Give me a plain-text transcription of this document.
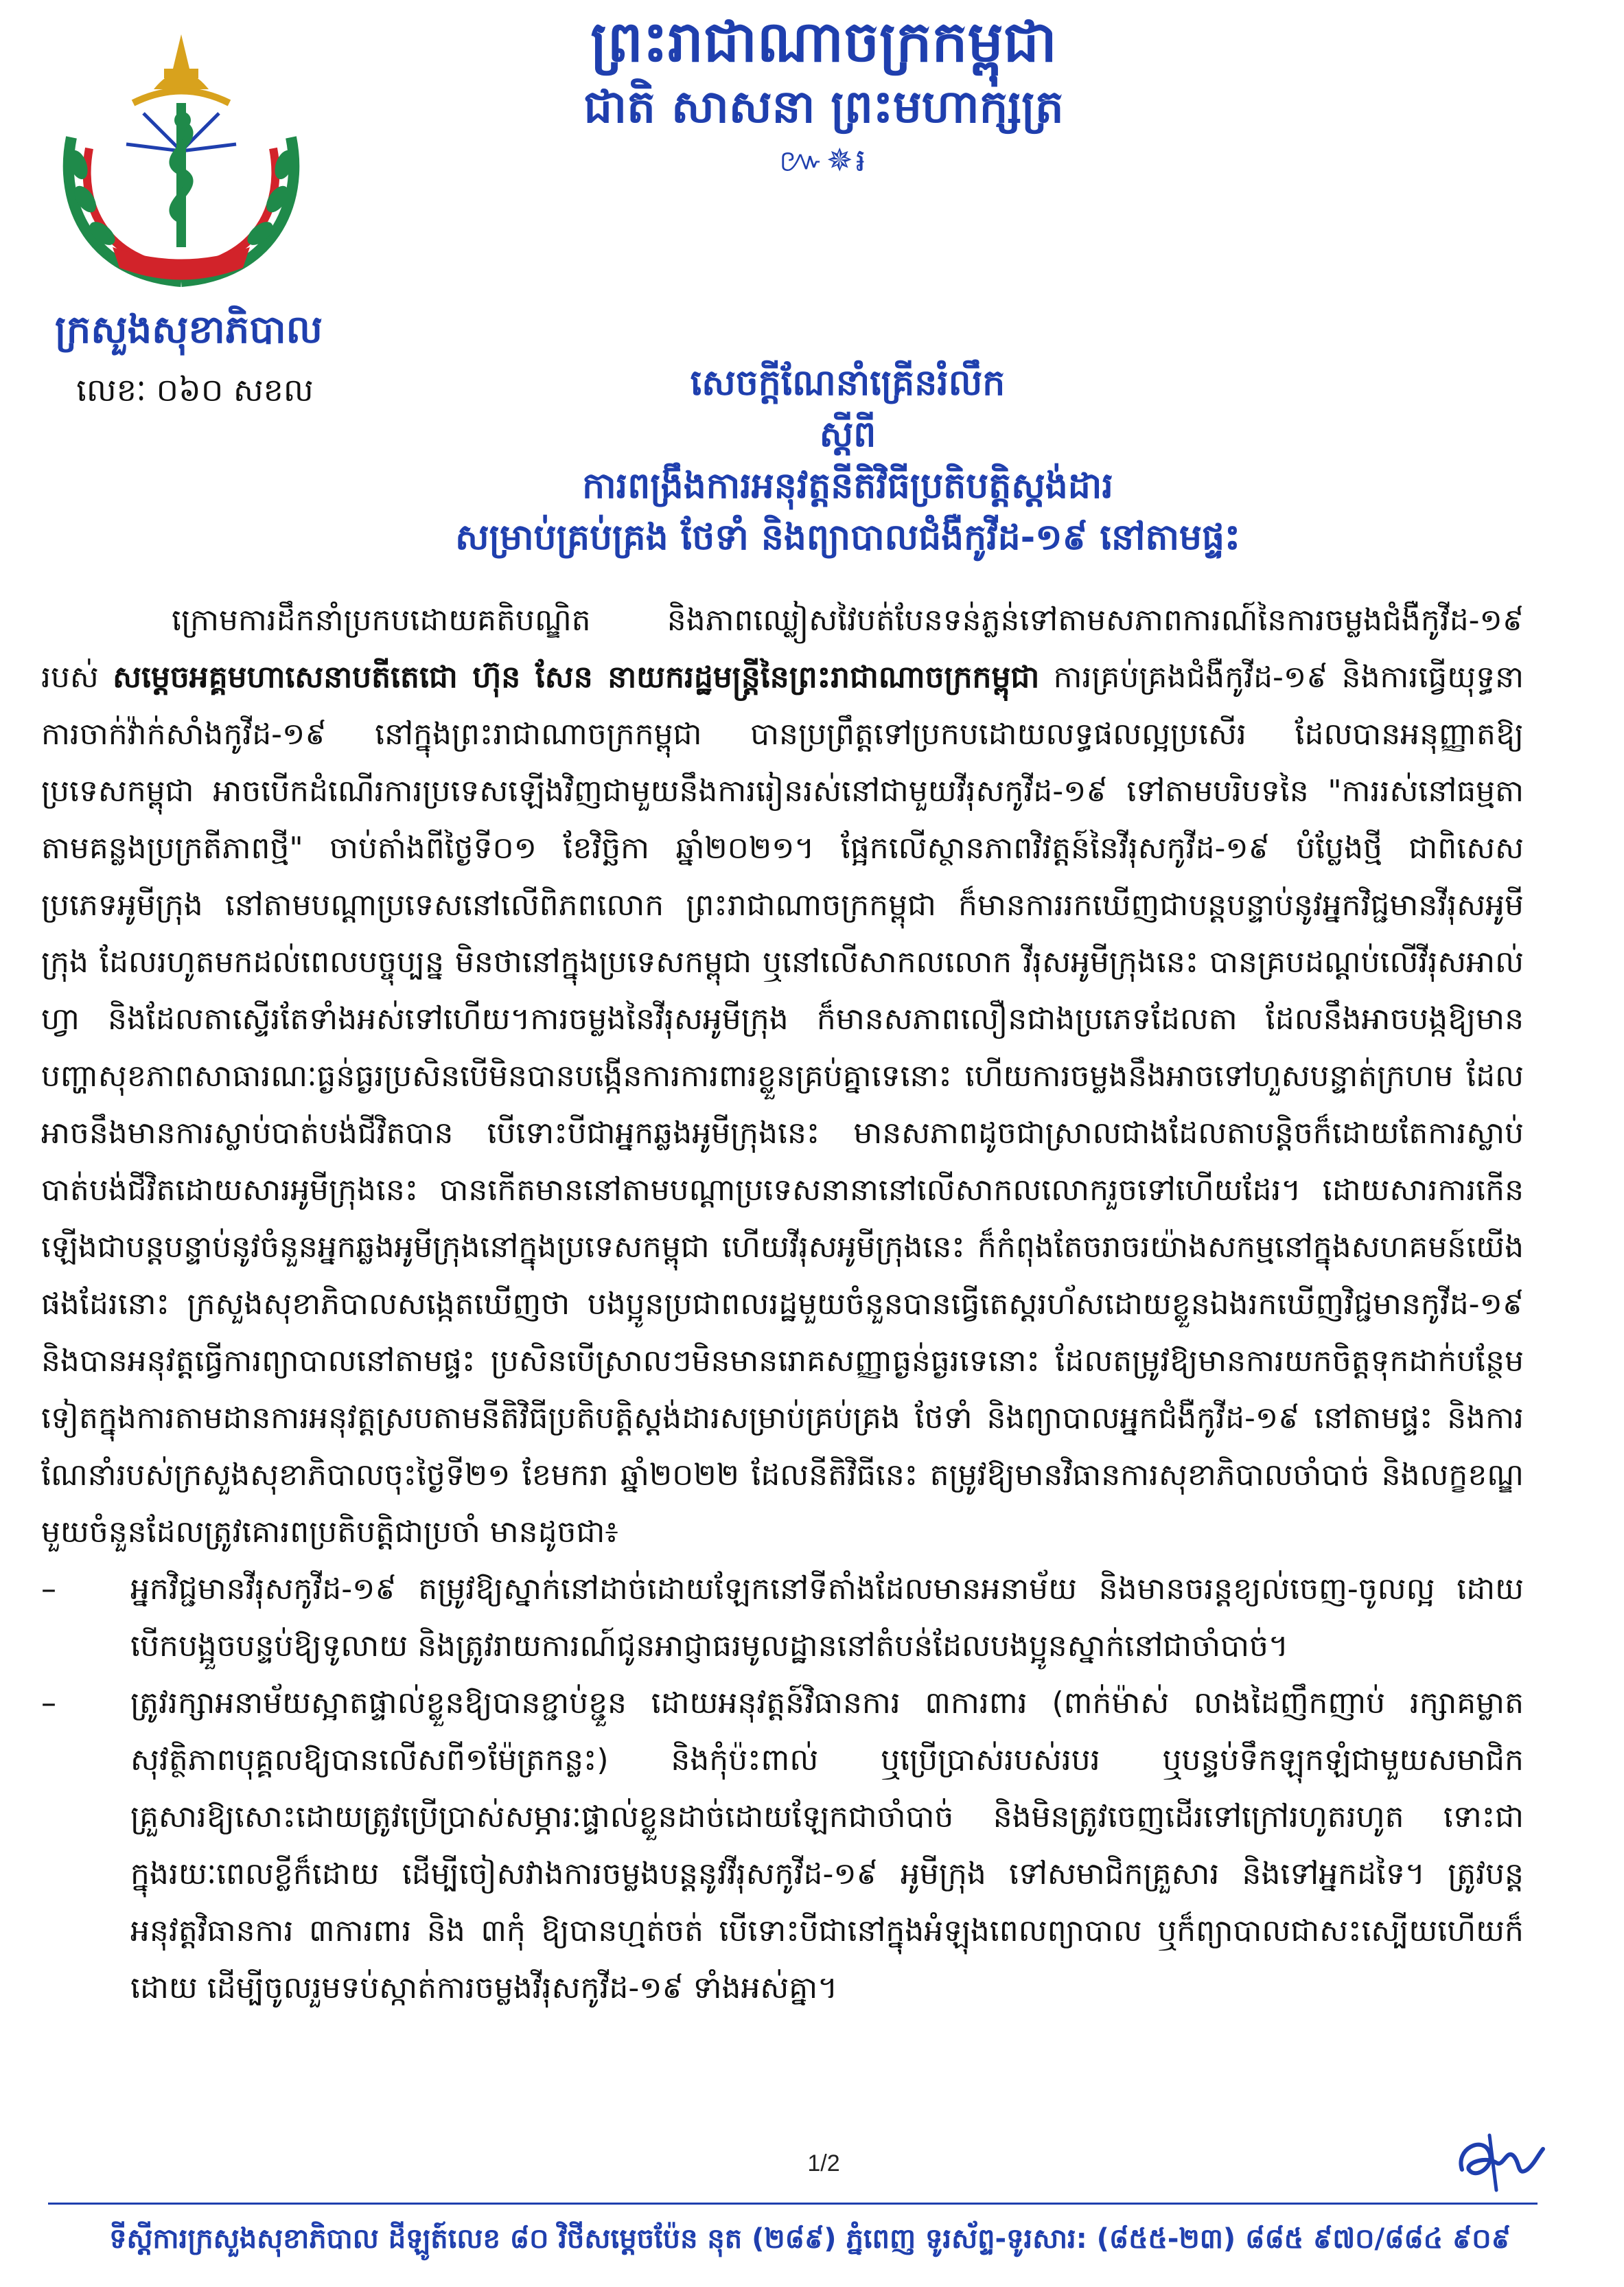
ព្រះរាជាណាចក្រកម្ពុជា
ជាតិ សាសនា ព្រះមហាក្សត្រ
៚✵៛
ក្រសួងសុខាភិបាល
លេខៈ ០៦០ សខល	សេចក្ដីណែនាំគ្រើនរំលឹក
ស្ដីពី
ការពង្រឹងការអនុវត្តនីតិវិធីប្រតិបត្តិស្តង់ដារ
សម្រាប់គ្រប់គ្រង ថែទាំ និងព្យាបាលជំងឺកូវីដ-១៩ នៅតាមផ្ទះ

ក្រោមការដឹកនាំប្រកបដោយគតិបណ្ឌិត និងភាពឈ្លៀសវៃបត់បែនទន់ភ្លន់ទៅតាមសភាពការណ៍នៃការចម្លងជំងឺកូវីដ-១៩ របស់ សម្ដេចអគ្គមហាសេនាបតីតេជោ ហ៊ុន សែន នាយករដ្ឋមន្ត្រីនៃព្រះរាជាណាចក្រកម្ពុជា ការគ្រប់គ្រងជំងឺកូវីដ-១៩ និងការធ្វើយុទ្ធនាការចាក់វ៉ាក់សាំងកូវីដ-១៩ នៅក្នុងព្រះរាជាណាចក្រកម្ពុជា បានប្រព្រឹត្តទៅប្រកបដោយលទ្ធផលល្អប្រសើរ ដែលបានអនុញ្ញាតឱ្យប្រទេសកម្ពុជា អាចបើកដំណើរការប្រទេសឡើងវិញជាមួយនឹងការរៀនរស់នៅជាមួយវីរុសកូវីដ-១៩ ទៅតាមបរិបទនៃ "ការរស់នៅធម្មតាតាមគន្លងប្រក្រតីភាពថ្មី" ចាប់តាំងពីថ្ងៃទី០១ ខែវិច្ឆិកា ឆ្នាំ២០២១។ ផ្អែកលើស្ថានភាពវិវត្តន៍នៃវីរុសកូវីដ-១៩ បំប្លែងថ្មី ជាពិសេសប្រភេទអូមីក្រុង នៅតាមបណ្ដាប្រទេសនៅលើពិភពលោក ព្រះរាជាណាចក្រកម្ពុជា ក៏មានការរកឃើញជាបន្តបន្ទាប់នូវអ្នកវិជ្ជមានវីរុសអូមីក្រុង ដែលរហូតមកដល់ពេលបច្ចុប្បន្ន មិនថានៅក្នុងប្រទេសកម្ពុជា ឬនៅលើសាកលលោក វីរុសអូមីក្រុងនេះ បានគ្របដណ្ដប់លើវីរុសអាល់ហ្វា និងដែលតាស្ទើរតែទាំងអស់ទៅហើយ។ការចម្លងនៃវីរុសអូមីក្រុង ក៏មានសភាពលឿនជាងប្រភេទដែលតា ដែលនឹងអាចបង្កឱ្យមានបញ្ហាសុខភាពសាធារណៈធ្ងន់ធ្ងរប្រសិនបើមិនបានបង្កើនការការពារខ្លួនគ្រប់គ្នាទេនោះ ហើយការចម្លងនឹងអាចទៅហួសបន្ទាត់ក្រហម ដែលអាចនឹងមានការស្លាប់បាត់បង់ជីវិតបាន បើទោះបីជាអ្នកឆ្លងអូមីក្រុងនេះ មានសភាពដូចជាស្រាលជាងដែលតាបន្តិចក៏ដោយតែការស្លាប់បាត់បង់ជីវិតដោយសារអូមីក្រុងនេះ បានកើតមាននៅតាមបណ្ដាប្រទេសនានានៅលើសាកលលោករួចទៅហើយដែរ។ ដោយសារការកើនឡើងជាបន្តបន្ទាប់នូវចំនួនអ្នកឆ្លងអូមីក្រុងនៅក្នុងប្រទេសកម្ពុជា ហើយវីរុសអូមីក្រុងនេះ ក៏កំពុងតែចរាចរយ៉ាងសកម្មនៅក្នុងសហគមន៍យើងផងដែរនោះ ក្រសួងសុខាភិបាលសង្កេតឃើញថា បងប្អូនប្រជាពលរដ្ឋមួយចំនួនបានធ្វើតេស្តរហ័សដោយខ្លួនឯងរកឃើញវិជ្ជមានកូវីដ-១៩ និងបានអនុវត្តធ្វើការព្យាបាលនៅតាមផ្ទះ ប្រសិនបើស្រាលៗមិនមានរោគសញ្ញាធ្ងន់ធ្ងរទេនោះ ដែលតម្រូវឱ្យមានការយកចិត្តទុកដាក់បន្ថែមទៀតក្នុងការតាមដានការអនុវត្តស្របតាមនីតិវិធីប្រតិបត្តិស្តង់ដារសម្រាប់គ្រប់គ្រង ថែទាំ និងព្យាបាលអ្នកជំងឺកូវីដ-១៩ នៅតាមផ្ទះ និងការណែនាំរបស់ក្រសួងសុខាភិបាលចុះថ្ងៃទី២១ ខែមករា ឆ្នាំ២០២២ ដែលនីតិវិធីនេះ តម្រូវឱ្យមានវិធានការសុខាភិបាលចាំបាច់ និងលក្ខខណ្ឌមួយចំនួនដែលត្រូវគោរពប្រតិបត្តិជាប្រចាំ មានដូចជា៖

–	អ្នកវិជ្ជមានវីរុសកូវីដ-១៩ តម្រូវឱ្យស្នាក់នៅដាច់ដោយឡែកនៅទីតាំងដែលមានអនាម័យ និងមានចរន្តខ្យល់ចេញ-ចូលល្អ ដោយបើកបង្អួចបន្ទប់ឱ្យទូលាយ និងត្រូវរាយការណ៍ជូនអាជ្ញាធរមូលដ្ឋាននៅតំបន់ដែលបងប្អូនស្នាក់នៅជាចាំបាច់។
–	ត្រូវរក្សាអនាម័យស្អាតផ្ទាល់ខ្លួនឱ្យបានខ្ជាប់ខ្ជួន ដោយអនុវត្តន៍វិធានការ ៣ការពារ (ពាក់ម៉ាស់ លាងដៃញឹកញាប់ រក្សាគម្លាតសុវត្ថិភាពបុគ្គលឱ្យបានលើសពី១ម៉ែត្រកន្លះ) និងកុំប៉ះពាល់ ឬប្រើប្រាស់របស់របរ ឬបន្ទប់ទឹកឡុកឡំជាមួយសមាជិកគ្រួសារឱ្យសោះដោយត្រូវប្រើប្រាស់សម្ភារៈផ្ទាល់ខ្លួនដាច់ដោយឡែកជាចាំបាច់ និងមិនត្រូវចេញដើរទៅក្រៅរហូតរហូត ទោះជាក្នុងរយៈពេលខ្លីក៏ដោយ ដើម្បីចៀសវាងការចម្លងបន្តនូវវីរុសកូវីដ-១៩ អូមីក្រុង ទៅសមាជិកគ្រួសារ និងទៅអ្នកដទៃ។ ត្រូវបន្តអនុវត្តវិធានការ ៣ការពារ និង ៣កុំ ឱ្យបានហ្មត់ចត់ បើទោះបីជានៅក្នុងអំឡុងពេលព្យាបាល ឬក៏ព្យាបាលជាសះស្បើយហើយក៏ដោយ ដើម្បីចូលរួមទប់ស្កាត់ការចម្លងវីរុសកូវីដ-១៩ ទាំងអស់គ្នា។
1/2
ទីស្តីការក្រសួងសុខាភិបាល ដីឡូត៍លេខ ៨០ វិថីសម្តេចប៉ែន នុត (២៨៩) ភ្នំពេញ ទូរស័ព្ទ-ទូរសារ: (៨៥៥-២៣) ៨៨៥ ៩៧០/៨៨៤ ៩០៩
